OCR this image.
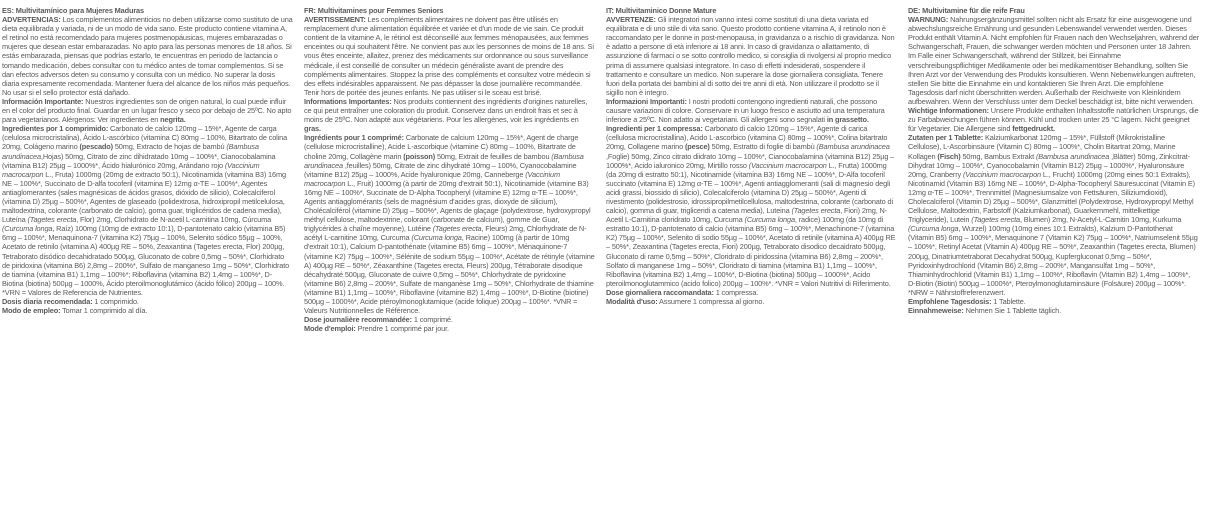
ES: Multivitamínico para Mujeres Maduras

ADVERTENCIAS: Los complementos alimenticios no deben utilizarse como sustituto de una dieta equilibrada y variada, ni de un modo de vida sano. Este producto contiene vitamina A, el retinol no está recomendado para mujeres postmenopáusicas, mujeres embarazadas o mujeres que desean estar embarazadas. No apto para las personas menores de 18 años. Si estás embarazada, piensas que podrías estarlo, te encuentras en periodo de lactancia o tomando medicación, debes consultar con tu médico antes de tomar complementos. Si se dan efectos adversos deten su consumo y consulta con un médico. No superar la dosis diaria expresamente recomendada. Mantener fuera del alcance de los niños más pequeños. No usar si el sello protector está dañado.

Información Importante: Nuestros ingredientes son de origen natural, lo cual puede influir en el color del producto final. Guardar en un lugar fresco y seco por debajo de 25ºC. No apto para vegetarianos. Alérgenos: Ver ingredientes en negrita.

Ingredientes por 1 comprimido: Carbonato de calcio 120mg – 15%*, Agente de carga (celulosa microcristalina), Ácido L-ascórbico (vitamina C) 80mg – 100%, Bitartrato de colina 20mg, Colágeno marino (pescado) 50mg, Extracto de hojas de bambú (Bambusa arundinacea,Hojas) 50mg, Citrato de zinc dihidratado 10mg – 100%*, Cianocobalamina (vitamina B12) 25µg – 1000%*, Ácido hialurónico 20mg, Arándano rojo (Vaccinium macrocarpon L., Fruta) 1000mg (20mg de extracto 50:1), Nicotinamida (vitamina B3) 16mg NE – 100%*, Succinato de D-alfa tocoferil (vitamina E) 12mg α-TE – 100%*, Agentes antiaglomerantes (sales magnésicas de ácidos grasos, dióxido de silicio), Colecalciferol (vitamina D) 25µg – 500%*, Agentes de glaseado (polidextrosa, hidroxipropil metilcelulosa, maltodextrina, colorante (carbonato de calcio), goma guar, triglicéridos de cadena media), Luteína (Tagetes erecta, Flor) 2mg, Clorhidrato de N-acetil L-carnitina 10mg, Cúrcuma (Curcuma longa, Raíz) 100mg (10mg de extracto 10:1), D-pantotenato calcio (vitamina B5) 6mg – 100%*, Menaquinona-7 (vitamina K2) 75µg – 100%, Selenito sódico 55µg – 100%, Acetato de retinilo (vitamina A) 400µg RE – 50%, Zeaxantina (Tagetes erecta, Flor) 200µg, Tetraborato disódico decahidratado 500µg, Gluconato de cobre 0,5mg – 50%*, Clorhidrato de piridoxina (vitamina B6) 2,8mg – 200%*, Sulfato de manganeso 1mg – 50%*, Clorhidrato de tiamina (vitamina B1) 1,1mg – 100%*; Riboflavina (vitamina B2) 1,4mg – 100%*, D-Biotina (biotina) 500µg – 1000%, Ácido pteroilmonoglutámico (ácido fólico) 200µg – 100%. *VRN = Valores de Referencia de Nutrientes.

Dosis diaria recomendada: 1 comprimido.

Modo de empleo: Tomar 1 comprimido al día.

FR: Multivitamines pour Femmes Seniors

AVERTISSEMENT: Les compléments alimentaires ne doivent pas être utilisés en remplacement d'une alimentation équilibrée et variée et d'un mode de vie sain. Ce produit contient de la vitamine A, le rétinol est déconseillé aux femmes ménopausées, aux femmes enceintes ou qui souhaitent l'être. Ne convient pas aux les personnes de moins de 18 ans. Si vous êtes enceinte, allaitez, prenez des médicaments sur ordonnance ou sous surveillance médicale, il est conseillé de consulter un médecin généraliste avant de prendre des compléments alimentaires. Stoppez la prise des compléments et consultez votre médecin si des effets indésirables apparaissent. Ne pas dépasser la dose journalière recommandée. Tenir hors de portée des jeunes enfants. Ne pas utiliser si le sceau est brisé.

Informations Importantes: Nos produits contiennent des ingrédients d'origines naturelles, ce qui peut entraîner une coloration du produit. Conservez dans un endroit frais et sec à moins de 25ºC. Non adapté aux végétariens. Pour les allergènes, voir les ingrédients en gras.

Ingrédients pour 1 comprimé: Carbonate de calcium 120mg – 15%*, Agent de charge (cellulose microcristalline), Acide L-ascorbique (vitamine C) 80mg – 100%, Bitartrate de choline 20mg, Collagène marin (poisson) 50mg, Extrait de feuilles de bambou (Bambusa arundinacea ,feuilles) 50mg, Citrate de zinc dihydraté 10mg – 100%, Cyanocobalamine (vitamine B12) 25µg – 1000%, Acide hyaluronique 20mg, Canneberge (Vaccinium macrocarpon L., Fruit) 1000mg (à partir de 20mg d'extrait 50:1), Nicotinamide (vitamine B3) 16mg NE – 100%*, Succinate de D-Alpha Tocopheryl (vitamine E) 12mg α-TE – 100%*, Agents antiagglomérants (sels de magnésium d'acides gras, dioxyde de silicium), Cholécalciférol (vitamine D) 25µg – 500%*, Agents de glaçage (polydextrose, hydroxypropyl méthyl cellulose, maltodextrine, colorant (carbonate de calcium), gomme de Guar, triglycérides à chaîne moyenne), Lutéine (Tagetes erecta, Fleurs) 2mg, Chlorhydrate de N-acétyl L-carnitine 10mg, Curcuma (Curcuma longa, Racine) 100mg (à partir de 10mg d'extrait 10:1), Calcium D-pantothénate (vitamine B5) 6mg – 100%*, Ménaquinone-7 (vitamine K2) 75µg – 100%*, Sélénite de sodium 55µg – 100%*, Acétate de rétinyle (vitamine A) 400µg RE – 50%*, Zéaxanthine (Tagetes erecta, Fleurs) 200µg, Tétraborate disodique décahydraté 500µg, Gluconate de cuivre 0,5mg – 50%*, Chlorhydrate de pyridoxine (vitamine B6) 2,8mg – 200%*, Sulfate de manganèse 1mg – 50%*, Chlorhydrate de thiamine (vitamine B1) 1,1mg – 100%*, Riboflavine (vitamine B2) 1,4mg – 100%*, D-Biotine (biotine) 500µg – 1000%*, Acide ptéroylmonoglutamique (acide folique) 200µg – 100%*. *VNR = Valeurs Nutritionnelles de Référence.

Dose journalière recommandée: 1 comprimé.

Mode d'emploi: Prendre 1 comprimé par jour.

IT: Multivitaminico Donne Mature

AVVERTENZE: Gli integratori non vanno intesi come sostituti di una dieta variata ed equilibrata e di uno stile di vita sano. Questo prodotto contiene vitamina A, il retinolo non è raccomandato per le donne in post-menopausa, in gravidanza o a rischio di gravidanza. Non è adatto a persone di età inferiore ai 18 anni. In caso di gravidanza o allattamento, di assunzione di farmaci o se sotto controllo medico, si consiglia di rivolgersi al proprio medico prima di assumere qualsiasi integratore. In caso di effetti indesiderati, sospendere il trattamento e consultare un medico. Non superare la dose giornaliera consigliata. Tenere fuori della portata dei bambini al di sotto dei tre anni di età. Non utilizzare il prodotto se il sigillo non è integro.

Informazioni Importanti: I nostri prodotti contengono ingredienti naturali, che possono causare variazioni di colore. Conservare in un luogo fresco e asciutto ad una temperatura inferiore a 25ºC. Non adatto ai vegetariani. Gli allergeni sono segnalati in grassetto.

Ingredienti per 1 compressa: Carbonato di calcio 120mg – 15%*, Agente di carica (cellulosa microcristallina), Acido L-ascorbico (vitamina C) 80mg – 100%*, Colina bitartrato 20mg, Collagene marino (pesce) 50mg, Estratto di foglie di bambù (Bambusa arundinacea ,Foglie) 50mg, Zinco citrato diidrato 10mg – 100%*, Cianocobalamina (vitamina B12) 25µg – 1000%*, Acido ialuronico 20mg, Mirtillo rosso (Vaccinium macrocarpon L., Frutta) 1000mg (da 20mg di estratto 50:1), Nicotinamide (vitamina B3) 16mg NE – 100%*, D-Alfa tocoferil succinato (vitamina E) 12mg α-TE – 100%*, Agenti antiagglomeranti (sali di magnesio degli acidi grassi, biossido di silicio), Colecalciferolo (vitamina D) 25µg – 500%*, Agenti di rivestimento (polidestrosio, idrossipropilmetilcellulosa, maltodestrina, colorante (carbonato di calcio), gomma di guar, trigliceridi a catena media), Luteina (Tagetes erecta, Fiori) 2mg, N-Acetil L-Carnitina cloridrato 10mg, Curcuma (Curcuma longa, radice) 100mg (da 10mg di estratto 10:1), D-pantotenato di calcio (vitamina B5) 6mg – 100%*, Menachinone-7 (vitamina K2) 75µg – 100%*, Selenito di sodio 55µg – 100%*, Acetato di retinile (vitamina A) 400µg RE – 50%*, Zeaxantina (Tagetes erecta, Fiori) 200µg, Tetraborato disodico decaidrato 500µg, Gluconato di rame 0,5mg – 50%*, Cloridrato di piridossina (vitamina B6) 2,8mg – 200%*, Solfato di manganese 1mg – 50%*, Cloridrato di tiamina (vitamina B1) 1,1mg – 100%*, Riboflavina (vitamina B2) 1,4mg – 100%*, D-Biotina (biotina) 500µg – 1000%*, Acido pteroilmonoglutammico (acido folico) 200µg – 100%*. *VNR = Valori Nutritivi di Riferimento.

Dose giornaliera raccomandata: 1 compressa.

Modalità d'uso: Assumere 1 compressa al giorno.

DE: Multivitamine für die reife Frau

WARNUNG: Nahrungsergänzungsmittel sollten nicht als Ersatz für eine ausgewogene und abwechslungsreiche Ernährung und gesunden Lebenswandel verwendet werden. Dieses Produkt enthält Vitamin A. Nicht empfohlen für Frauen nach den Wechseljahren, während der Schwangerschaft, Frauen, die schwanger werden möchten und Personen unter 18 Jahren. Im Falle einer Schwangerschaft, während der Stillzeit, bei Einnahme verschreibungspflichtiger Medikamente oder bei medikamentöser Behandlung, sollten Sie Ihren Arzt vor der Verwendung des Produkts konsultieren. Wenn Nebenwirkungen auftreten, stellen Sie bitte die Einnahme ein und kontaktieren Sie Ihren Arzt. Die empfohlene Tagesdosis darf nicht überschritten werden. Außerhalb der Reichweite von Kleinkindern aufbewahren. Wenn der Verschluss unter dem Deckel beschädigt ist, bitte nicht verwenden.

Wichtige Informationen: Unsere Produkte enthalten Inhaltsstoffe natürlichen Ursprungs, die zu Farbabweichungen führen können. Kühl und trocken unter 25 °C lagern. Nicht geeignet für Vegetarier. Die Allergene sind fettgedruckt.

Zutaten per 1 Tablette: Kalziumkarbonat 120mg – 15%*, Füllstoff (Mikrokristalline Cellulose), L-Ascorbinsäure (Vitamin C) 80mg – 100%*, Cholin Bitartrat 20mg, Marine Kollagen (Fisch) 50mg, Bambus Extrakt (Bambusa arundinacea ,Blätter) 50mg, Zinkcitrat-Dihydrat 10mg – 100%*, Cyanocobalamin (Vitamin B12) 25µg – 1000%*, Hyaluronsäure 20mg, Cranberry (Vaccinium macrocarpon L., Frucht) 1000mg (20mg eines 50:1 Extrakts), Nicotinamid (Vitamin B3) 16mg NE – 100%*, D-Alpha-Tocopheryl Säuresuccinat (Vitamin E) 12mg α-TE – 100%*, Trennmittel (Magnesiumsalze von Fettsäuren, Siliziumdioxid), Cholecalciferol (Vitamin D) 25µg – 500%*, Glanzmittel (Polydextrose, Hydroxypropyl Methyl Cellulose, Maltodextrin, Farbstoff (Kalziumkarbonat), Guarkernmehl, mittelkettige Triglyceride), Lutein (Tagetes erecta, Blumen) 2mg, N-Acetyl-L-Carnitin 10mg, Kurkuma (Curcuma longa, Wurzel) 100mg (10mg eines 10:1 Extrakts), Kalzium D-Pantothenat (Vitamin B5) 6mg – 100%*, Menaquinone 7 (Vitamin K2) 75µg – 100%*, Natriumselenit 55µg – 100%*, Retinyl Acetat (Vitamin A) 400µg RE – 50%*, Zeaxanthin (Tagetes erecta, Blumen) 200µg, Dinatriumtetraborat Decahydrat 500µg, Kupfergluconat 0,5mg – 50%*, Pyridoxinhydrochlorid (Vitamin B6) 2,8mg – 200%*, Mangansulfat 1mg – 50%*, Thiaminhydrochlorid (Vitamin B1) 1,1mg – 100%*, Riboflavin (Vitamin B2) 1,4mg – 100%*, D-Biotin (Biotin) 500µg – 1000%*, Pteroylmonoglutaminsäure (Folsäure) 200µg – 100%*. *NRW = Nährstoffreferenzwert.

Empfohlene Tagesdosis: 1 Tablette.

Einnahmeweise: Nehmen Sie 1 Tablette täglich.
